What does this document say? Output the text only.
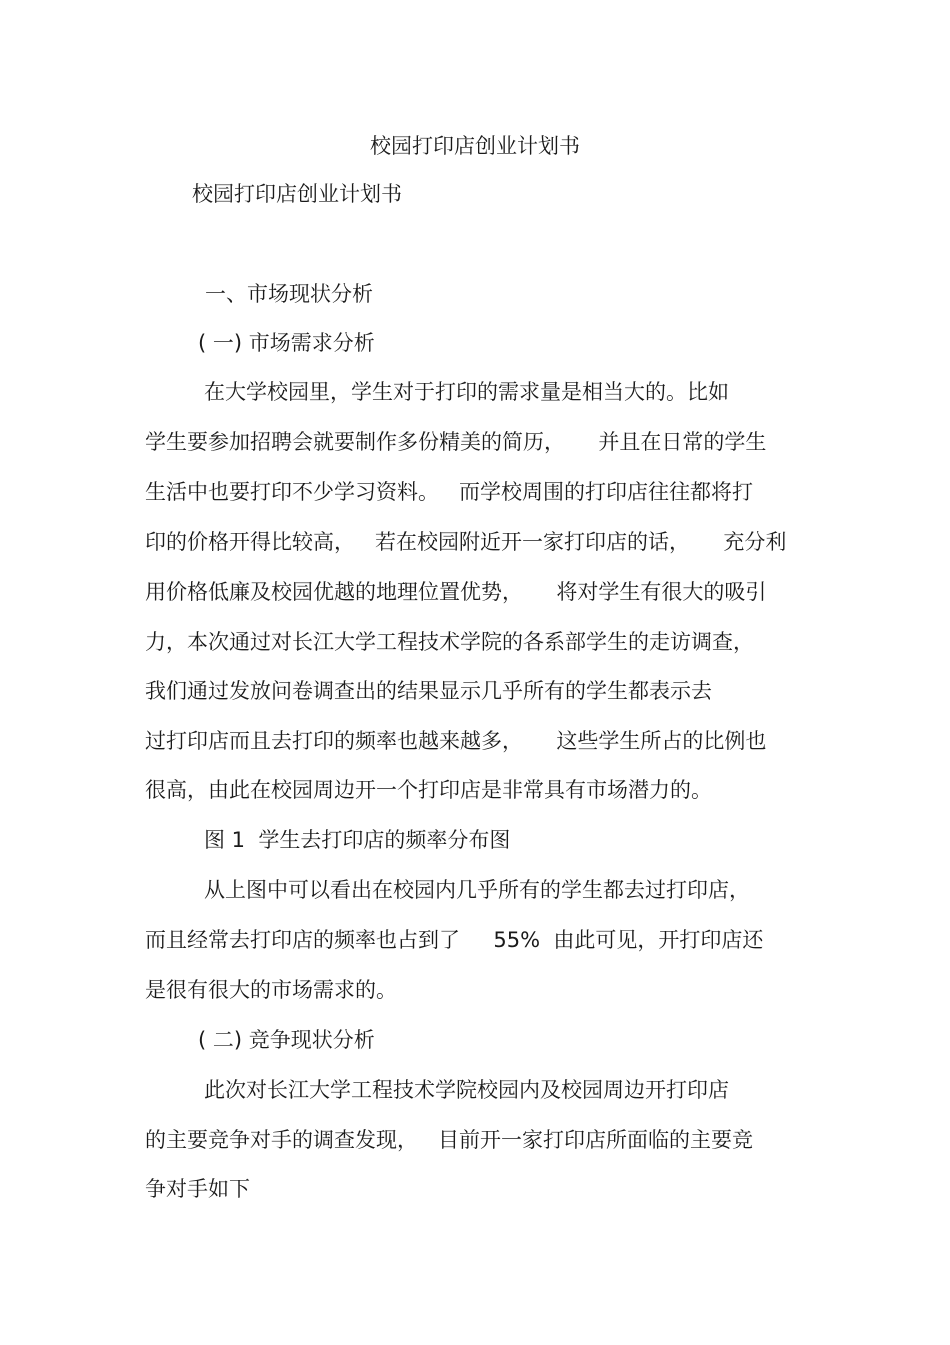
校园打印店创业计划书
校园打印店创业计划书
一、市场现状分析
( 一) 市场需求分析
在大学校园里，学生对于打印的需求量是相当大的。比如
学生要参加招聘会就要制作多份精美的简历，     并且在日常的学生
生活中也要打印不少学习资料。   而学校周围的打印店往往都将打
印的价格开得比较高，   若在校园附近开一家打印店的话，     充分利
用价格低廉及校园优越的地理位置优势，     将对学生有很大的吸引
力，本次通过对长江大学工程技术学院的各系部学生的走访调查，
我们通过发放问卷调查出的结果显示几乎所有的学生都表示去
过打印店而且去打印的频率也越来越多，     这些学生所占的比例也
很高，由此在校园周边开一个打印店是非常具有市场潜力的。
图 1  学生去打印店的频率分布图
从上图中可以看出在校园内几乎所有的学生都去过打印店，
而且经常去打印店的频率也占到了     55%  由此可见，开打印店还
是很有很大的市场需求的。
( 二) 竞争现状分析
此次对长江大学工程技术学院校园内及校园周边开打印店
的主要竞争对手的调查发现，   目前开一家打印店所面临的主要竞
争对手如下
